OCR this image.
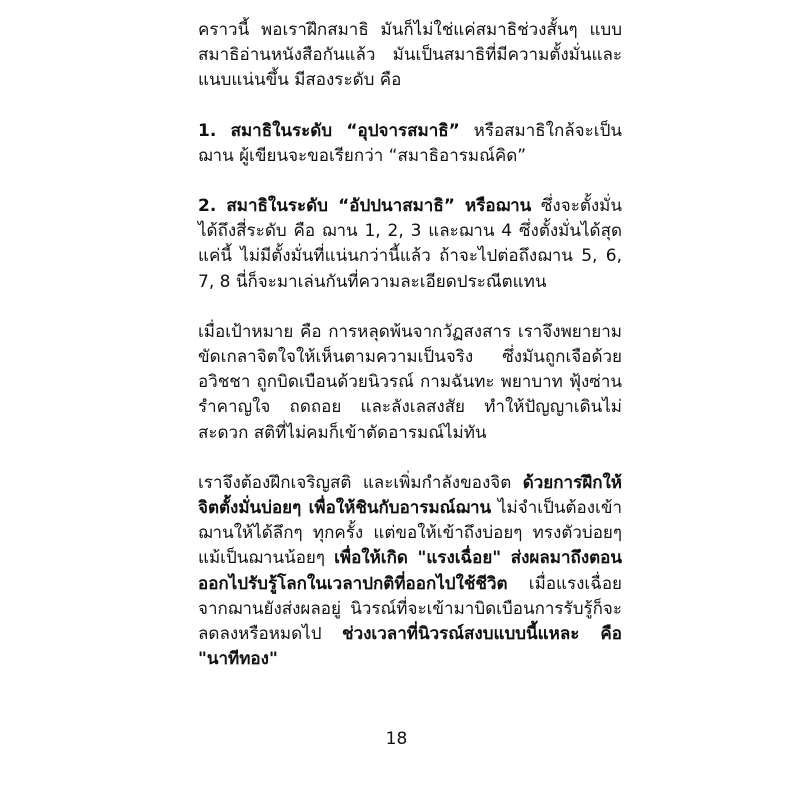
คราวนี้ พอเราฝึกสมาธิ มันก็ไม่ใช่แค่สมาธิช่วงสั้นๆ แบบสมาธิอ่านหนังสือกันแล้ว มันเป็นสมาธิที่มีความตั้งมั่นและแนบแน่นขึ้น มีสองระดับ คือ

1. สมาธิในระดับ “อุปจารสมาธิ” หรือสมาธิใกล้จะเป็นฌาน ผู้เขียนจะขอเรียกว่า “สมาธิอารมณ์คิด”

2. สมาธิในระดับ “อัปปนาสมาธิ” หรือฌาน ซึ่งจะตั้งมั่นได้ถึงสี่ระดับ คือ ฌาน 1, 2, 3 และฌาน 4 ซึ่งตั้งมั่นได้สุดแค่นี้ ไม่มีตั้งมั่นที่แน่นกว่านี้แล้ว ถ้าจะไปต่อถึงฌาน 5, 6, 7, 8 นี่ก็จะมาเล่นกันที่ความละเอียดประณีตแทน

เมื่อเป้าหมาย คือ การหลุดพ้นจากวัฏสงสาร เราจึงพยายามขัดเกลาจิตใจให้เห็นตามความเป็นจริง ซึ่งมันถูกเจือด้วยอวิชชา ถูกบิดเบือนด้วยนิวรณ์ กามฉันทะ พยาบาท ฟุ้งซ่าน รำคาญใจ ถดถอย และลังเลสงสัย ทำให้ปัญญาเดินไม่สะดวก สติที่ไม่คมก็เข้าตัดอารมณ์ไม่ทัน

เราจึงต้องฝึกเจริญสติ และเพิ่มกำลังของจิต ด้วยการฝึกให้จิตตั้งมั่นบ่อยๆ เพื่อให้ชินกับอารมณ์ฌาน ไม่จำเป็นต้องเข้าฌานให้ได้ลึกๆ ทุกครั้ง แต่ขอให้เข้าถึงบ่อยๆ ทรงตัวบ่อยๆ แม้เป็นฌานน้อยๆ เพื่อให้เกิด "แรงเฉื่อย" ส่งผลมาถึงตอนออกไปรับรู้โลกในเวลาปกติที่ออกไปใช้ชีวิต เมื่อแรงเฉื่อยจากฌานยังส่งผลอยู่ นิวรณ์ที่จะเข้ามาบิดเบือนการรับรู้ก็จะลดลงหรือหมดไป ช่วงเวลาที่นิวรณ์สงบแบบนี้แหละ คือ "นาทีทอง"

18
